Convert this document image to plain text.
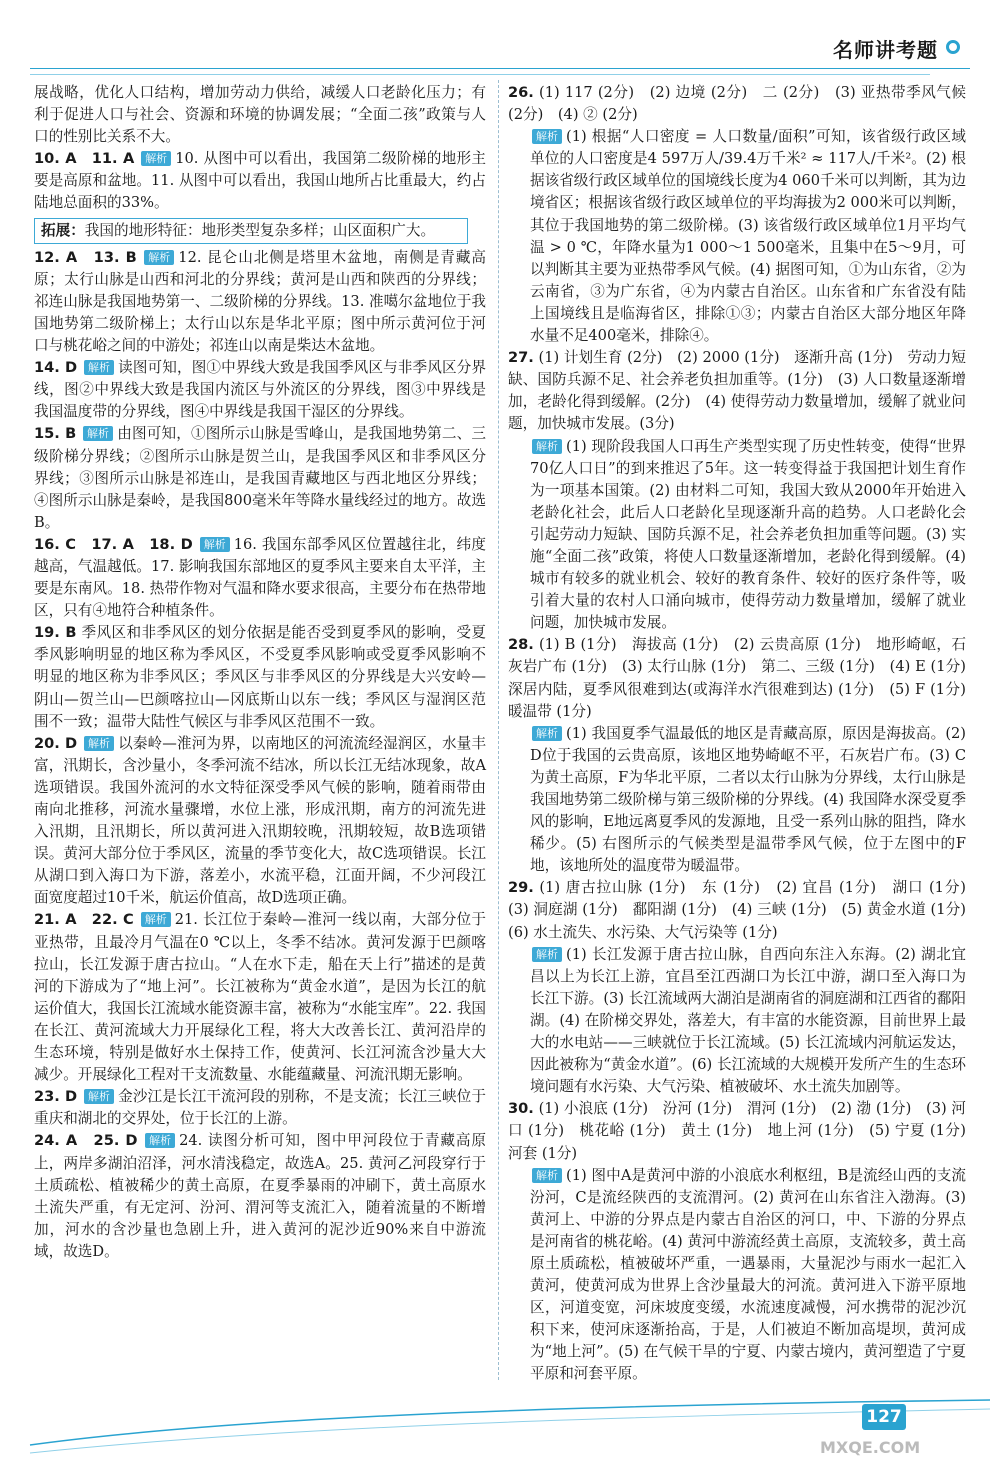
名师讲考题

展战略，优化人口结构，增加劳动力供给，减缓人口老龄化压力；有利于促进人口与社会、资源和环境的协调发展；“全面二孩”政策与人口的性别比关系不大。

10. A　11. A 解析 10. 从图中可以看出，我国第二级阶梯的地形主要是高原和盆地。11. 从图中可以看出，我国山地所占比重最大，约占陆地总面积的33%。

拓展：我国的地形特征：地形类型复杂多样；山区面积广大。

12. A　13. B 解析 12. 昆仑山北侧是塔里木盆地，南侧是青藏高原；太行山脉是山西和河北的分界线；黄河是山西和陕西的分界线；祁连山脉是我国地势第一、二级阶梯的分界线。13. 准噶尔盆地位于我国地势第二级阶梯上；太行山以东是华北平原；图中所示黄河位于河口与桃花峪之间的中游处；祁连山以南是柴达木盆地。

14. D 解析 读图可知，图①中界线大致是我国季风区与非季风区分界线，图②中界线大致是我国内流区与外流区的分界线，图③中界线是我国温度带的分界线，图④中界线是我国干湿区的分界线。

15. B 解析 由图可知，①图所示山脉是雪峰山，是我国地势第二、三级阶梯分界线；②图所示山脉是贺兰山，是我国季风区和非季风区分界线；③图所示山脉是祁连山，是我国青藏地区与西北地区分界线；④图所示山脉是秦岭，是我国800毫米年等降水量线经过的地方。故选B。

16. C　17. A　18. D 解析 16. 我国东部季风区位置越往北，纬度越高，气温越低。17. 影响我国东部地区的夏季风主要来自太平洋，主要是东南风。18. 热带作物对气温和降水要求很高，主要分布在热带地区，只有④地符合种植条件。

19. B 季风区和非季风区的划分依据是能否受到夏季风的影响，受夏季风影响明显的地区称为季风区，不受夏季风影响或受夏季风影响不明显的地区称为非季风区；季风区与非季风区的分界线是大兴安岭—阴山—贺兰山—巴颜喀拉山—冈底斯山以东一线；季风区与湿润区范围不一致；温带大陆性气候区与非季风区范围不一致。

20. D 解析 以秦岭—淮河为界，以南地区的河流流经湿润区，水量丰富，汛期长，含沙量小，冬季河流不结冰，所以长江无结冰现象，故A选项错误。我国外流河的水文特征深受季风气候的影响，随着雨带由南向北推移，河流水量骤增，水位上涨，形成汛期，南方的河流先进入汛期，且汛期长，所以黄河进入汛期较晚，汛期较短，故B选项错误。黄河大部分位于季风区，流量的季节变化大，故C选项错误。长江从湖口到入海口为下游，落差小，水流平稳，江面开阔，不少河段江面宽度超过10千米，航运价值高，故D选项正确。

21. A　22. C 解析 21. 长江位于秦岭—淮河一线以南，大部分位于亚热带，且最冷月气温在0 ℃以上，冬季不结冰。黄河发源于巴颜喀拉山，长江发源于唐古拉山。“人在水下走，船在天上行”描述的是黄河的下游成为了“地上河”。长江被称为“黄金水道”，是因为长江的航运价值大，我国长江流域水能资源丰富，被称为“水能宝库”。22. 我国在长江、黄河流域大力开展绿化工程，将大大改善长江、黄河沿岸的生态环境，特别是做好水土保持工作，使黄河、长江河流含沙量大大减少。开展绿化工程对干支流数量、水能蕴藏量、河流汛期无影响。

23. D 解析 金沙江是长江干流河段的别称，不是支流；长江三峡位于重庆和湖北的交界处，位于长江的上游。

24. A　25. D 解析 24. 读图分析可知，图中甲河段位于青藏高原上，两岸多湖泊沼泽，河水清浅稳定，故选A。25. 黄河乙河段穿行于土质疏松、植被稀少的黄土高原，在夏季暴雨的冲刷下，黄土高原水土流失严重，有无定河、汾河、渭河等支流汇入，随着流量的不断增加，河水的含沙量也急剧上升，进入黄河的泥沙近90%来自中游流域，故选D。

26. (1) 117 (2分)　(2) 边境 (2分)　二 (2分)　(3) 亚热带季风气候 (2分)　(4) ② (2分)

解析 (1) 根据“人口密度 = 人口数量/面积”可知，该省级行政区域单位的人口密度是4 597万人/39.4万千米² ≈ 117人/千米²。(2) 根据该省级行政区域单位的国境线长度为4 060千米可以判断，其为边境省区；根据该省级行政区域单位的平均海拔为2 000米可以判断，其位于我国地势的第二级阶梯。(3) 该省级行政区域单位1月平均气温 > 0 ℃，年降水量为1 000～1 500毫米，且集中在5～9月，可以判断其主要为亚热带季风气候。(4) 据图可知，①为山东省，②为云南省，③为广东省，④为内蒙古自治区。山东省和广东省没有陆上国境线且是临海省区，排除①③；内蒙古自治区大部分地区年降水量不足400毫米，排除④。

27. (1) 计划生育 (2分)　(2) 2000 (1分)　逐渐升高 (1分)　劳动力短缺、国防兵源不足、社会养老负担加重等。(1分)　(3) 人口数量逐渐增加，老龄化得到缓解。(2分)　(4) 使得劳动力数量增加，缓解了就业问题，加快城市发展。(3分)

解析 (1) 现阶段我国人口再生产类型实现了历史性转变，使得“世界70亿人口日”的到来推迟了5年。这一转变得益于我国把计划生育作为一项基本国策。(2) 由材料二可知，我国大致从2000年开始进入老龄化社会，此后人口老龄化呈现逐渐升高的趋势。人口老龄化会引起劳动力短缺、国防兵源不足，社会养老负担加重等问题。(3) 实施“全面二孩”政策，将使人口数量逐渐增加，老龄化得到缓解。(4) 城市有较多的就业机会、较好的教育条件、较好的医疗条件等，吸引着大量的农村人口涌向城市，使得劳动力数量增加，缓解了就业问题，加快城市发展。

28. (1) B (1分)　海拔高 (1分)　(2) 云贵高原 (1分)　地形崎岖，石灰岩广布 (1分)　(3) 太行山脉 (1分)　第二、三级 (1分)　(4) E (1分)　深居内陆，夏季风很难到达(或海洋水汽很难到达) (1分)　(5) F (1分)　暖温带 (1分)

解析 (1) 我国夏季气温最低的地区是青藏高原，原因是海拔高。(2) D位于我国的云贵高原，该地区地势崎岖不平，石灰岩广布。(3) C为黄土高原，F为华北平原，二者以太行山脉为分界线，太行山脉是我国地势第二级阶梯与第三级阶梯的分界线。(4) 我国降水深受夏季风的影响，E地远离夏季风的发源地，且受一系列山脉的阻挡，降水稀少。(5) 右图所示的气候类型是温带季风气候，位于左图中的F地，该地所处的温度带为暖温带。

29. (1) 唐古拉山脉 (1分)　东 (1分)　(2) 宜昌 (1分)　湖口 (1分)　(3) 洞庭湖 (1分)　鄱阳湖 (1分)　(4) 三峡 (1分)　(5) 黄金水道 (1分)　(6) 水土流失、水污染、大气污染等 (1分)

解析 (1) 长江发源于唐古拉山脉，自西向东注入东海。(2) 湖北宜昌以上为长江上游，宜昌至江西湖口为长江中游，湖口至入海口为长江下游。(3) 长江流域两大湖泊是湖南省的洞庭湖和江西省的鄱阳湖。(4) 在阶梯交界处，落差大，有丰富的水能资源，目前世界上最大的水电站——三峡就位于长江流域。(5) 长江流域内河航运发达，因此被称为“黄金水道”。(6) 长江流域的大规模开发所产生的生态环境问题有水污染、大气污染、植被破坏、水土流失加剧等。

30. (1) 小浪底 (1分)　汾河 (1分)　渭河 (1分)　(2) 渤 (1分)　(3) 河口 (1分)　桃花峪 (1分)　黄土 (1分)　地上河 (1分)　(5) 宁夏 (1分)　河套 (1分)

解析 (1) 图中A是黄河中游的小浪底水利枢纽，B是流经山西的支流汾河，C是流经陕西的支流渭河。(2) 黄河在山东省注入渤海。(3) 黄河上、中游的分界点是内蒙古自治区的河口，中、下游的分界点是河南省的桃花峪。(4) 黄河中游流经黄土高原，支流较多，黄土高原土质疏松，植被破坏严重，一遇暴雨，大量泥沙与雨水一起汇入黄河，使黄河成为世界上含沙量最大的河流。黄河进入下游平原地区，河道变宽，河床坡度变缓，水流速度减慢，河水携带的泥沙沉积下来，使河床逐渐抬高，于是，人们被迫不断加高堤坝，黄河成为“地上河”。(5) 在气候干旱的宁夏、内蒙古境内，黄河塑造了宁夏平原和河套平原。

127
MXQE.COM
